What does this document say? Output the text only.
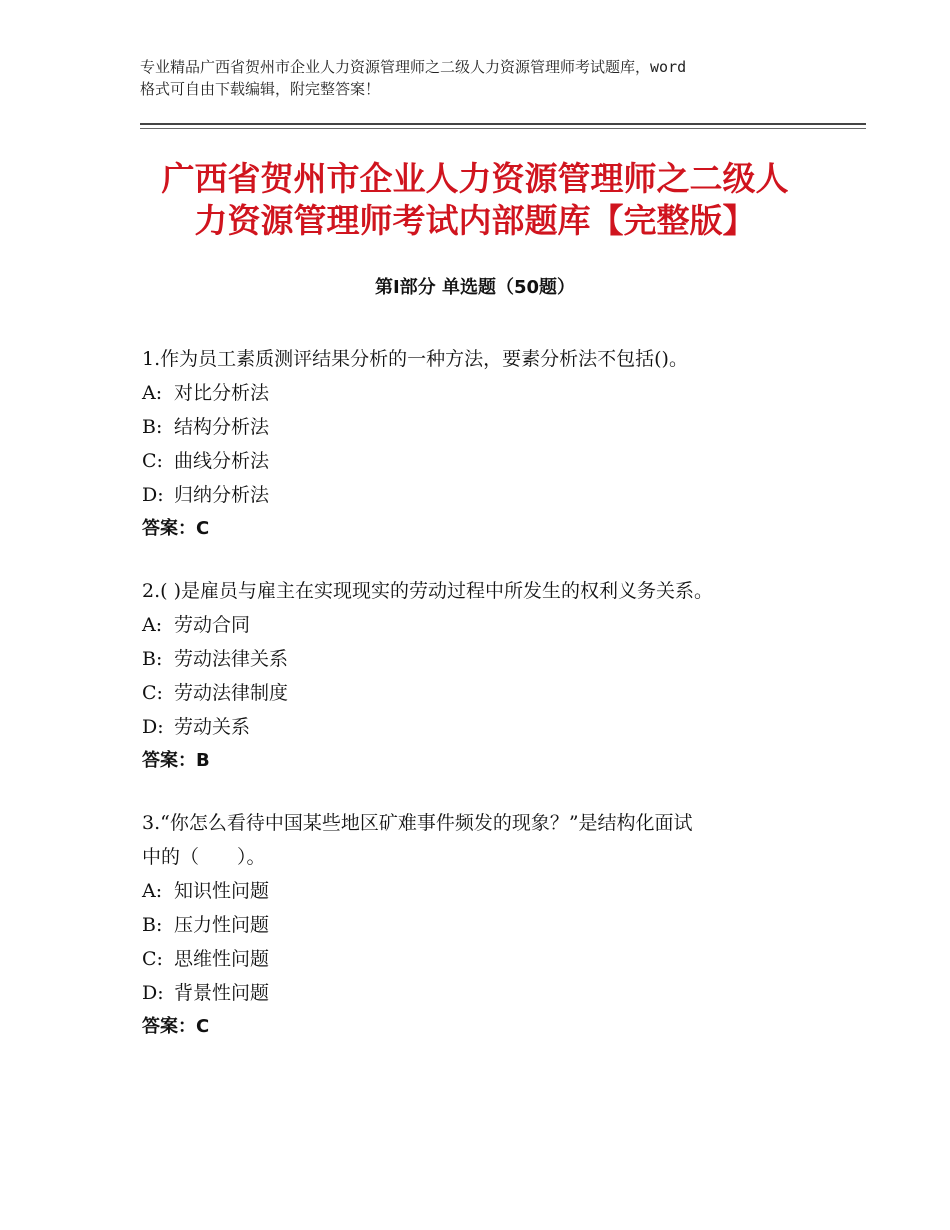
专业精品广西省贺州市企业人力资源管理师之二级人力资源管理师考试题库，word
格式可自由下载编辑，附完整答案！
广西省贺州市企业人力资源管理师之二级人
力资源管理师考试内部题库【完整版】
第Ⅰ部分 单选题（50题）

1.作为员工素质测评结果分析的一种方法，要素分析法不包括()。

A: 对比分析法

B: 结构分析法

C: 曲线分析法

D: 归纳分析法

答案：C

2.( )是雇员与雇主在实现现实的劳动过程中所发生的权利义务关系。

A: 劳动合同

B: 劳动法律关系

C: 劳动法律制度

D: 劳动关系

答案：B

3.“你怎么看待中国某些地区矿难事件频发的现象？”是结构化面试

中的（　　）。

A: 知识性问题

B: 压力性问题

C: 思维性问题

D: 背景性问题

答案：C
